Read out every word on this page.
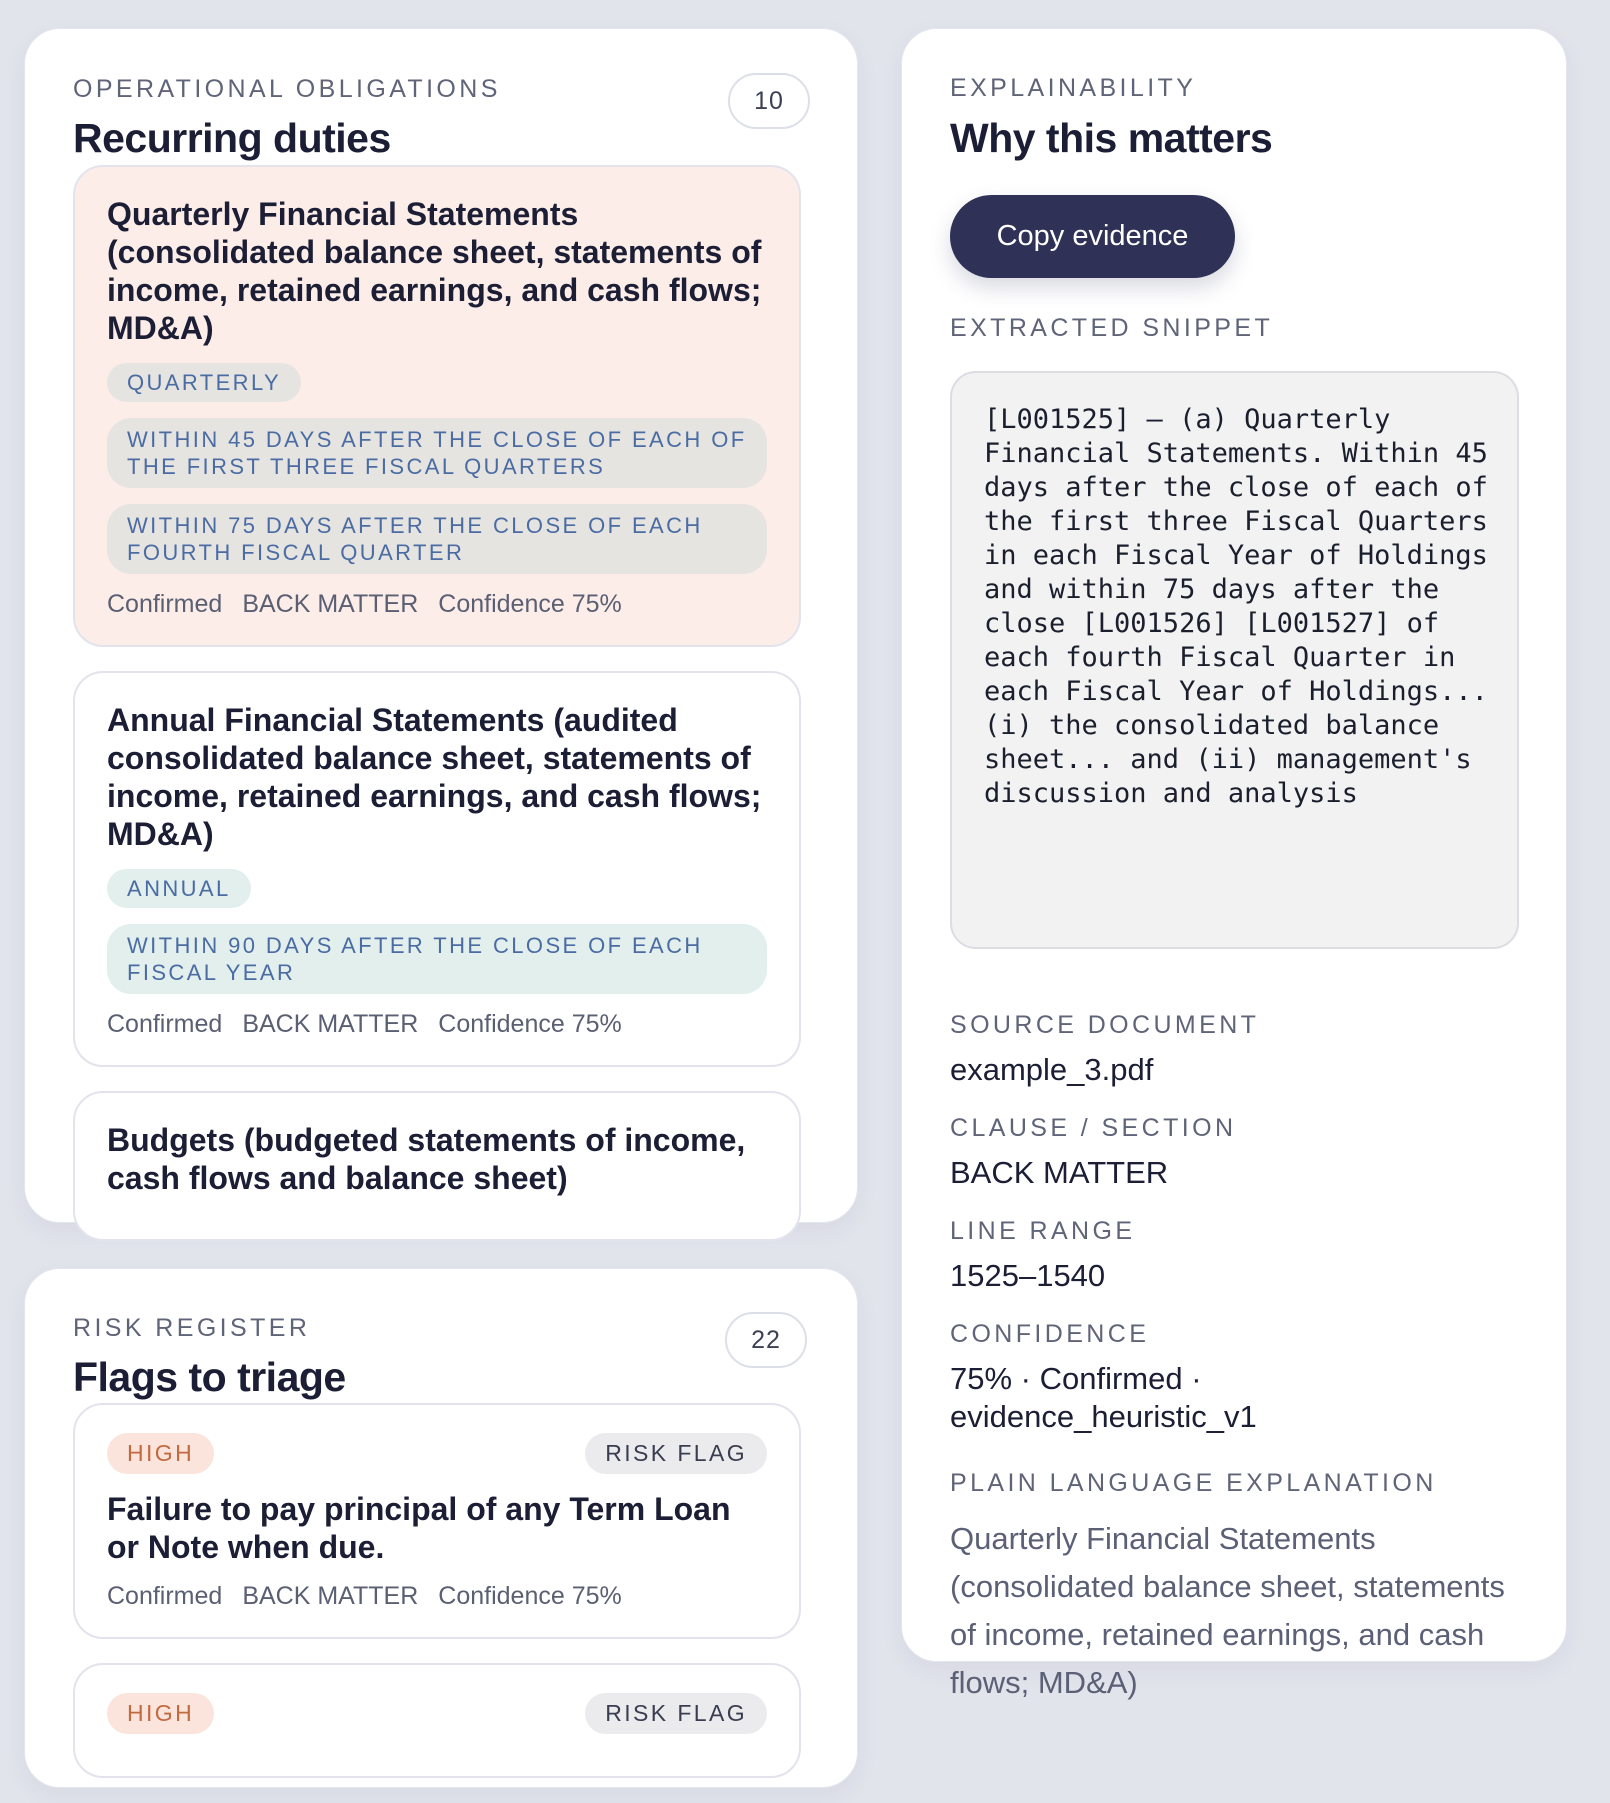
OPERATIONAL OBLIGATIONS
Recurring duties
10
Quarterly Financial Statements (consolidated balance sheet, statements of income, retained earnings, and cash flows; MD&A)
QUARTERLY
WITHIN 45 DAYS AFTER THE CLOSE OF EACH OF THE FIRST THREE FISCAL QUARTERS
WITHIN 75 DAYS AFTER THE CLOSE OF EACH FOURTH FISCAL QUARTER
Confirmed BACK MATTER Confidence 75%
Annual Financial Statements (audited consolidated balance sheet, statements of income, retained earnings, and cash flows; MD&A)
ANNUAL
WITHIN 90 DAYS AFTER THE CLOSE OF EACH FISCAL YEAR
Confirmed BACK MATTER Confidence 75%
Budgets (budgeted statements of income, cash flows and balance sheet)
RISK REGISTER
Flags to triage
22
HIGH	RISK FLAG
Failure to pay principal of any Term Loan or Note when due.
Confirmed BACK MATTER Confidence 75%
HIGH	RISK FLAG
EXPLAINABILITY
Why this matters
Copy evidence
EXTRACTED SNIPPET
[L001525] – (a) Quarterly Financial Statements. Within 45 days after the close of each of the first three Fiscal Quarters in each Fiscal Year of Holdings and within 75 days after the close [L001526] [L001527] of each fourth Fiscal Quarter in each Fiscal Year of Holdings... (i) the consolidated balance sheet... and (ii) management's discussion and analysis
SOURCE DOCUMENT
example_3.pdf
CLAUSE / SECTION
BACK MATTER
LINE RANGE
1525–1540
CONFIDENCE
75% · Confirmed · evidence_heuristic_v1
PLAIN LANGUAGE EXPLANATION
Quarterly Financial Statements (consolidated balance sheet, statements of income, retained earnings, and cash flows; MD&A)
